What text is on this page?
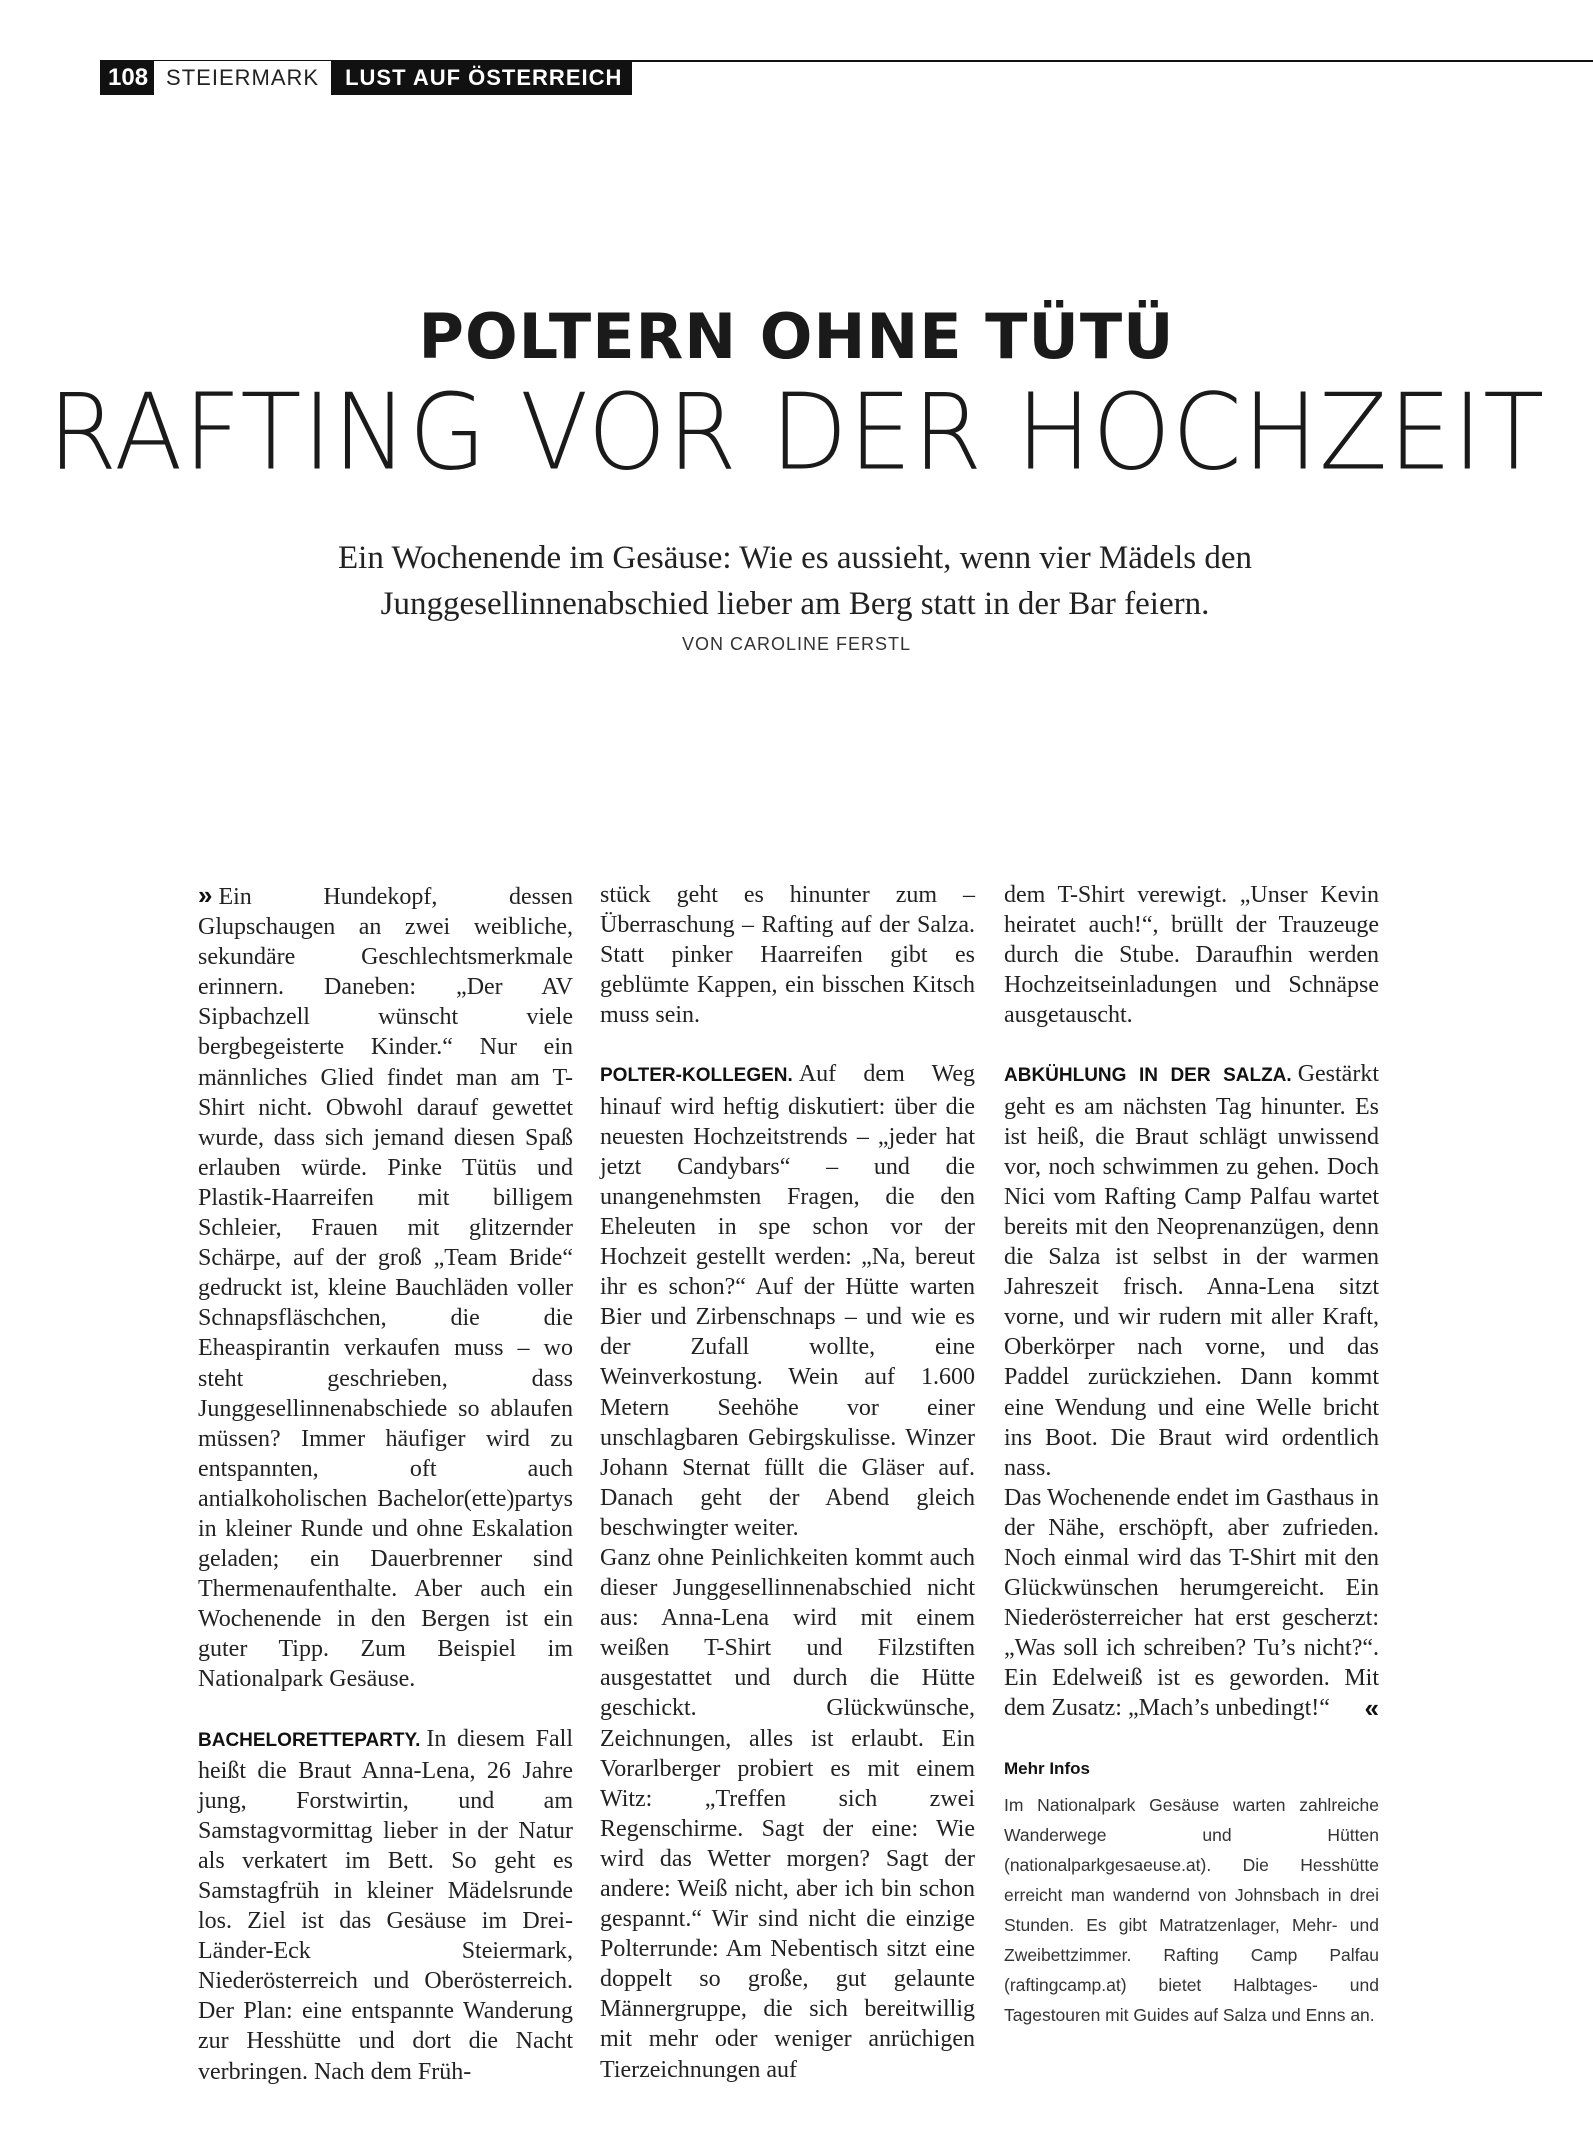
108 STEIERMARK	LUST AUF ÖSTERREICH
POLTERN OHNE TÜTÜ
RAFTING VOR DER HOCHZEIT
Ein Wochenende im Gesäuse: Wie es aussieht, wenn vier Mädels den Junggesellinnenabschied lieber am Berg statt in der Bar feiern.
VON CAROLINE FERSTL

» Ein Hundekopf, dessen Glupschaugen an zwei weibliche, sekundäre Geschlechtsmerkmale erinnern. Daneben: „Der AV Sipbachzell wünscht viele bergbegeisterte Kinder.“ Nur ein männliches Glied findet man am T-Shirt nicht. Obwohl darauf gewettet wurde, dass sich jemand diesen Spaß erlauben würde. Pinke Tütüs und Plastik-Haarreifen mit billigem Schleier, Frauen mit glitzernder Schärpe, auf der groß „Team Bride“ gedruckt ist, kleine Bauchläden voller Schnapsfläschchen, die die Eheaspirantin verkaufen muss – wo steht geschrieben, dass Junggesellinnenabschiede so ablaufen müssen? Immer häufiger wird zu entspannten, oft auch antialkoholischen Bachelor(ette)partys in kleiner Runde und ohne Eskalation geladen; ein Dauerbrenner sind Thermenaufenthalte. Aber auch ein Wochenende in den Bergen ist ein guter Tipp. Zum Beispiel im Nationalpark Gesäuse.

BACHELORETTEPARTY. In diesem Fall heißt die Braut Anna-Lena, 26 Jahre jung, Forstwirtin, und am Samstagvormittag lieber in der Natur als verkatert im Bett. So geht es Samstagfrüh in kleiner Mädelsrunde los. Ziel ist das Gesäuse im Drei-Länder-Eck Steiermark, Niederösterreich und Oberösterreich. Der Plan: eine entspannte Wanderung zur Hesshütte und dort die Nacht verbringen. Nach dem Früh-

stück geht es hinunter zum – Überraschung – Rafting auf der Salza. Statt pinker Haarreifen gibt es geblümte Kappen, ein bisschen Kitsch muss sein.

POLTER-KOLLEGEN. Auf dem Weg hinauf wird heftig diskutiert: über die neuesten Hochzeitstrends – „jeder hat jetzt Candybars“ – und die unangenehmsten Fragen, die den Eheleuten in spe schon vor der Hochzeit gestellt werden: „Na, bereut ihr es schon?“ Auf der Hütte warten Bier und Zirbenschnaps – und wie es der Zufall wollte, eine Weinverkostung. Wein auf 1.600 Metern Seehöhe vor einer unschlagbaren Gebirgskulisse. Winzer Johann Sternat füllt die Gläser auf. Danach geht der Abend gleich beschwingter weiter.

Ganz ohne Peinlichkeiten kommt auch dieser Junggesellinnenabschied nicht aus: Anna-Lena wird mit einem weißen T-Shirt und Filzstiften ausgestattet und durch die Hütte geschickt. Glückwünsche, Zeichnungen, alles ist erlaubt. Ein Vorarlberger probiert es mit einem Witz: „Treffen sich zwei Regenschirme. Sagt der eine: Wie wird das Wetter morgen? Sagt der andere: Weiß nicht, aber ich bin schon gespannt.“ Wir sind nicht die einzige Polterrunde: Am Nebentisch sitzt eine doppelt so große, gut gelaunte Männergruppe, die sich bereitwillig mit mehr oder weniger anrüchigen Tierzeichnungen auf

dem T-Shirt verewigt. „Unser Kevin heiratet auch!“, brüllt der Trauzeuge durch die Stube. Daraufhin werden Hochzeitseinladungen und Schnäpse ausgetauscht.

ABKÜHLUNG IN DER SALZA. Gestärkt geht es am nächsten Tag hinunter. Es ist heiß, die Braut schlägt unwissend vor, noch schwimmen zu gehen. Doch Nici vom Rafting Camp Palfau wartet bereits mit den Neoprenanzügen, denn die Salza ist selbst in der warmen Jahreszeit frisch. Anna-Lena sitzt vorne, und wir rudern mit aller Kraft, Oberkörper nach vorne, und das Paddel zurückziehen. Dann kommt eine Wendung und eine Welle bricht ins Boot. Die Braut wird ordentlich nass.

Das Wochenende endet im Gasthaus in der Nähe, erschöpft, aber zufrieden. Noch einmal wird das T-Shirt mit den Glückwünschen herumgereicht. Ein Niederösterreicher hat erst gescherzt: „Was soll ich schreiben? Tu’s nicht?“. Ein Edelweiß ist es geworden. Mit dem Zusatz: „Mach’s unbedingt!“ «

Mehr Infos
Im Nationalpark Gesäuse warten zahlreiche Wanderwege und Hütten (nationalparkgesaeuse.at). Die Hesshütte erreicht man wandernd von Johnsbach in drei Stunden. Es gibt Matratzenlager, Mehr- und Zweibettzimmer. Rafting Camp Palfau (raftingcamp.at) bietet Halbtages- und Tagestouren mit Guides auf Salza und Enns an.
